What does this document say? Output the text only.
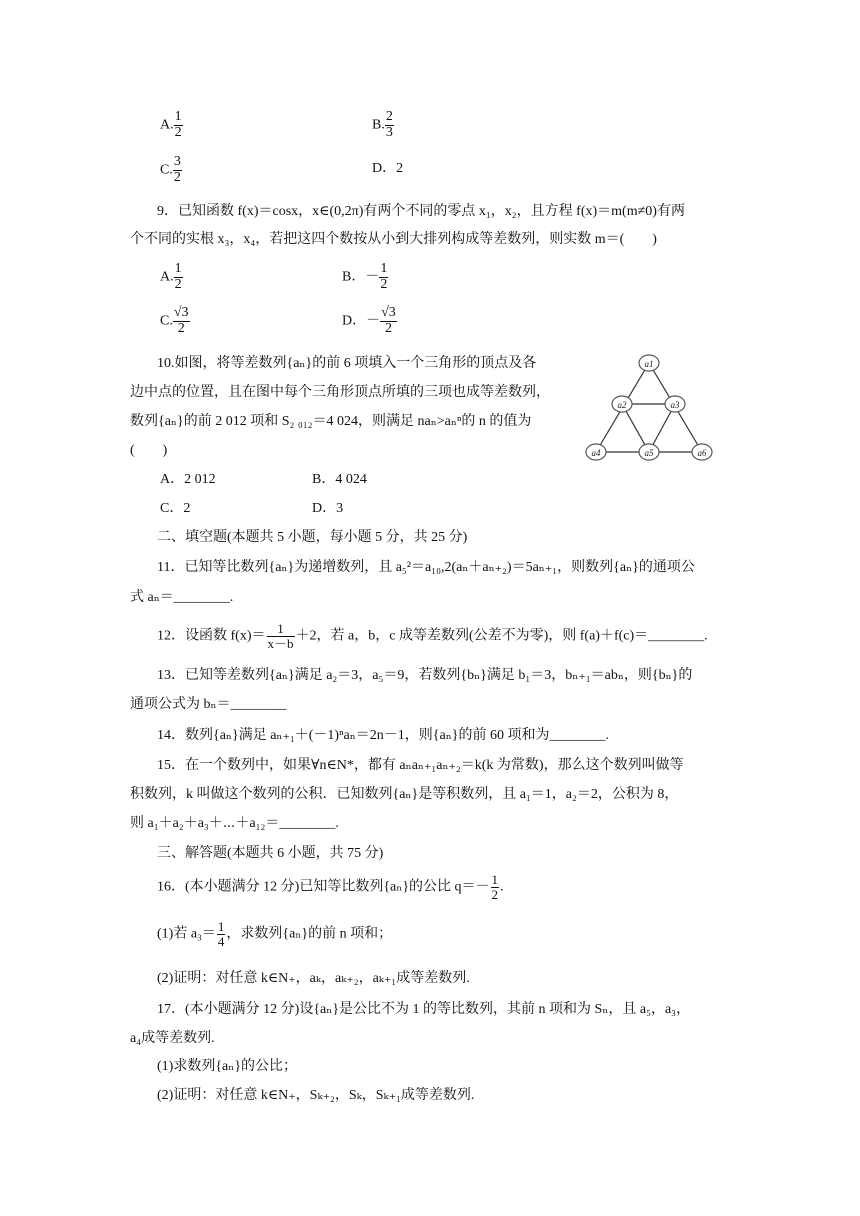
A. $\frac{1}{2}$	B. $\frac{2}{3}$
C. $\frac{3}{2}$	D．2
9．已知函数 f(x)＝cosx，x∈(0,2π)有两个不同的零点 x₁，x₂，且方程 f(x)＝m(m≠0)有两
个不同的实根 x₃，x₄，若把这四个数按从小到大排列构成等差数列，则实数 m＝(　　)
A. $\frac{1}{2}$	B．－ $\frac{1}{2}$
C. $\frac{√3}{2}$	D．－ $\frac{√3}{2}$
10.如图，将等差数列{aₙ}的前 6 项填入一个三角形的顶点及各
边中点的位置，且在图中每个三角形顶点所填的三项也成等差数列，
数列{aₙ}的前 2 012 项和 S₂ ₀₁₂＝4 024，则满足 naₙ>aₙⁿ的 n 的值为
(　　)
a1
a2	a3
a4	a5	a6
A．2 012	B．4 024
C．2	D．3
二、填空题(本题共 5 小题，每小题 5 分，共 25 分)
11．已知等比数列{aₙ}为递增数列，且 a₅²＝a₁₀,2(aₙ＋aₙ₊₂)＝5aₙ₊₁，则数列{aₙ}的通项公
式 aₙ＝________.
12．设函数 $f(x)= \frac{1}{x-b} +2$，若 a，b，c 成等差数列(公差不为零)，则 f(a)＋f(c)＝________.
13．已知等差数列{aₙ}满足 a₂＝3，a₅＝9，若数列{bₙ}满足 b₁＝3，bₙ₊₁＝abₙ，则{bₙ}的
通项公式为 bₙ＝________
14．数列{aₙ}满足 aₙ₊₁＋(－1)ⁿaₙ＝2n－1，则{aₙ}的前 60 项和为________.
15．在一个数列中，如果∀n∈N*，都有 aₙaₙ₊₁aₙ₊₂＝k(k 为常数)，那么这个数列叫做等
积数列，k 叫做这个数列的公积．已知数列{aₙ}是等积数列，且 a₁＝1，a₂＝2，公积为 8，
则 a₁＋a₂＋a₃＋⋯＋a₁₂＝________.
三、解答题(本题共 6 小题，共 75 分)
16．(本小题满分 12 分)已知等比数列{aₙ}的公比 $q=- \frac{1}{2}$ .
(1)若 $a_3= \frac{1}{4}$ ，求数列{aₙ}的前 n 项和；
(2)证明：对任意 k∈N₊，aₖ，aₖ₊₂，aₖ₊₁成等差数列.
17．(本小题满分 12 分)设{aₙ}是公比不为 1 的等比数列，其前 n 项和为 Sₙ，且 a₅，a₃，
a₄成等差数列.
(1)求数列{aₙ}的公比；
(2)证明：对任意 k∈N₊，Sₖ₊₂，Sₖ，Sₖ₊₁成等差数列.
